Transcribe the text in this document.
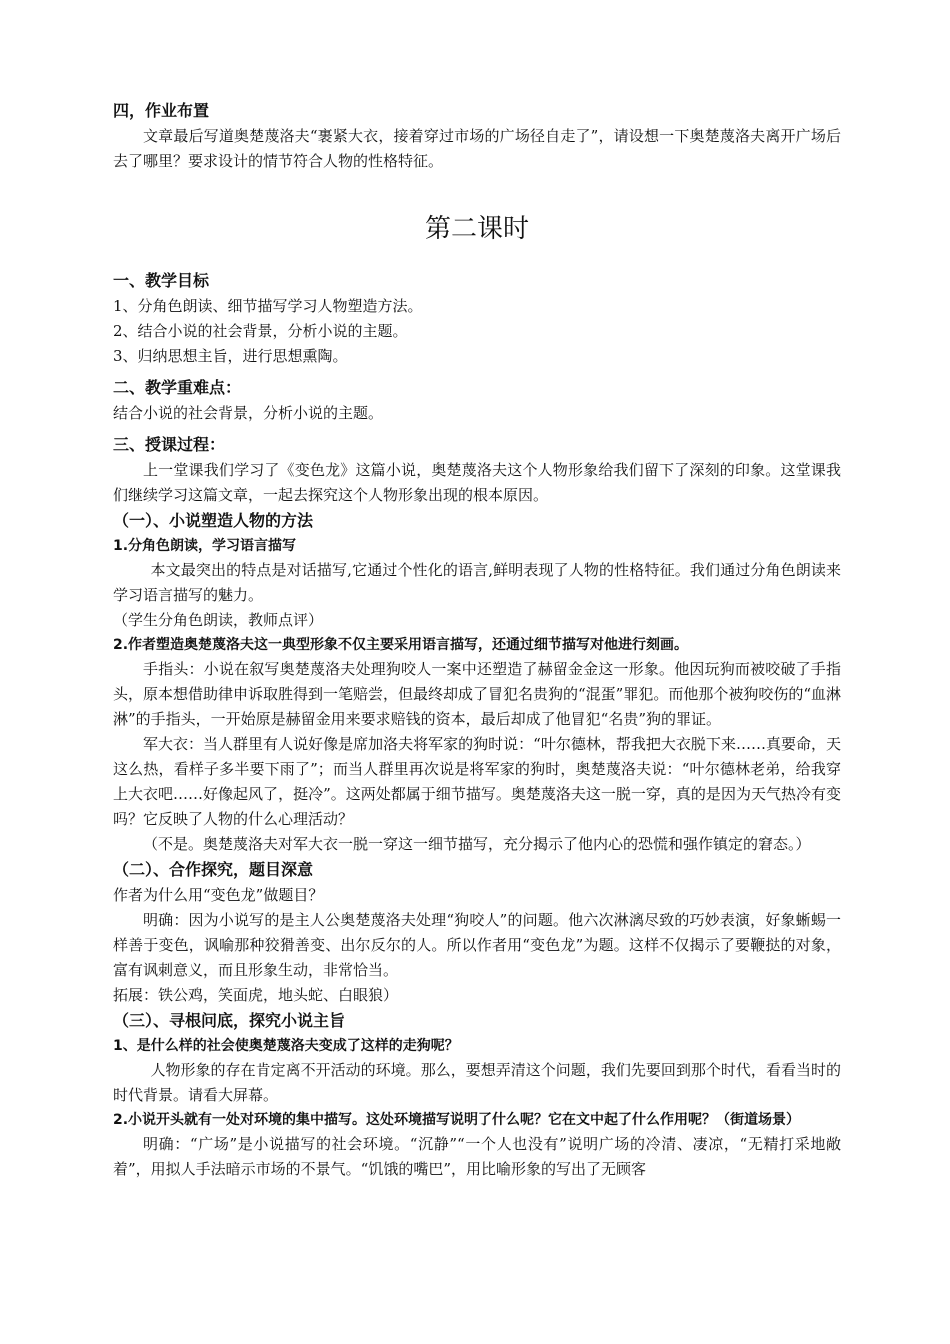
四，作业布置

文章最后写道奥楚蔑洛夫“裹紧大衣，接着穿过市场的广场径自走了”，请设想一下奥楚蔑洛夫离开广场后去了哪里？要求设计的情节符合人物的性格特征。

第二课时

一、教学目标

1、分角色朗读、细节描写学习人物塑造方法。

2、结合小说的社会背景，分析小说的主题。

3、归纳思想主旨，进行思想熏陶。

二、教学重难点：

结合小说的社会背景，分析小说的主题。

三、授课过程：

上一堂课我们学习了《变色龙》这篇小说，奥楚蔑洛夫这个人物形象给我们留下了深刻的印象。这堂课我们继续学习这篇文章，一起去探究这个人物形象出现的根本原因。

（一）、小说塑造人物的方法

1.分角色朗读，学习语言描写

本文最突出的特点是对话描写,它通过个性化的语言,鲜明表现了人物的性格特征。我们通过分角色朗读来学习语言描写的魅力。

（学生分角色朗读，教师点评）

2.作者塑造奥楚蔑洛夫这一典型形象不仅主要采用语言描写，还通过细节描写对他进行刻画。

手指头：小说在叙写奥楚蔑洛夫处理狗咬人一案中还塑造了赫留金金这一形象。他因玩狗而被咬破了手指头，原本想借助律申诉取胜得到一笔赔尝，但最终却成了冒犯名贵狗的“混蛋”罪犯。而他那个被狗咬伤的“血淋淋”的手指头，一开始原是赫留金用来要求赔钱的资本，最后却成了他冒犯“名贵”狗的罪证。

军大衣：当人群里有人说好像是席加洛夫将军家的狗时说：“叶尔德林，帮我把大衣脱下来……真要命，天这么热，看样子多半要下雨了”；而当人群里再次说是将军家的狗时，奥楚蔑洛夫说：“叶尔德林老弟，给我穿上大衣吧……好像起风了，挺冷”。这两处都属于细节描写。奥楚蔑洛夫这一脱一穿，真的是因为天气热冷有变吗？它反映了人物的什么心理活动？

（不是。奥楚蔑洛夫对军大衣一脱一穿这一细节描写，充分揭示了他内心的恐慌和强作镇定的窘态。）

（二）、合作探究，题目深意

作者为什么用“变色龙”做题目？

明确：因为小说写的是主人公奥楚蔑洛夫处理“狗咬人”的问题。他六次淋漓尽致的巧妙表演，好象蜥蜴一样善于变色，讽喻那种狡猾善变、出尔反尔的人。所以作者用“变色龙”为题。这样不仅揭示了要鞭挞的对象，富有讽刺意义，而且形象生动，非常恰当。

拓展：铁公鸡，笑面虎，地头蛇、白眼狼）

（三）、寻根问底，探究小说主旨

1、是什么样的社会使奥楚蔑洛夫变成了这样的走狗呢？

人物形象的存在肯定离不开活动的环境。那么，要想弄清这个问题，我们先要回到那个时代，看看当时的时代背景。请看大屏幕。

2.小说开头就有一处对环境的集中描写。这处环境描写说明了什么呢？它在文中起了什么作用呢？（街道场景）

明确：“广场”是小说描写的社会环境。“沉静”“一个人也没有”说明广场的冷清、凄凉，“无精打采地敞着”，用拟人手法暗示市场的不景气。“饥饿的嘴巴”，用比喻形象的写出了无顾客
